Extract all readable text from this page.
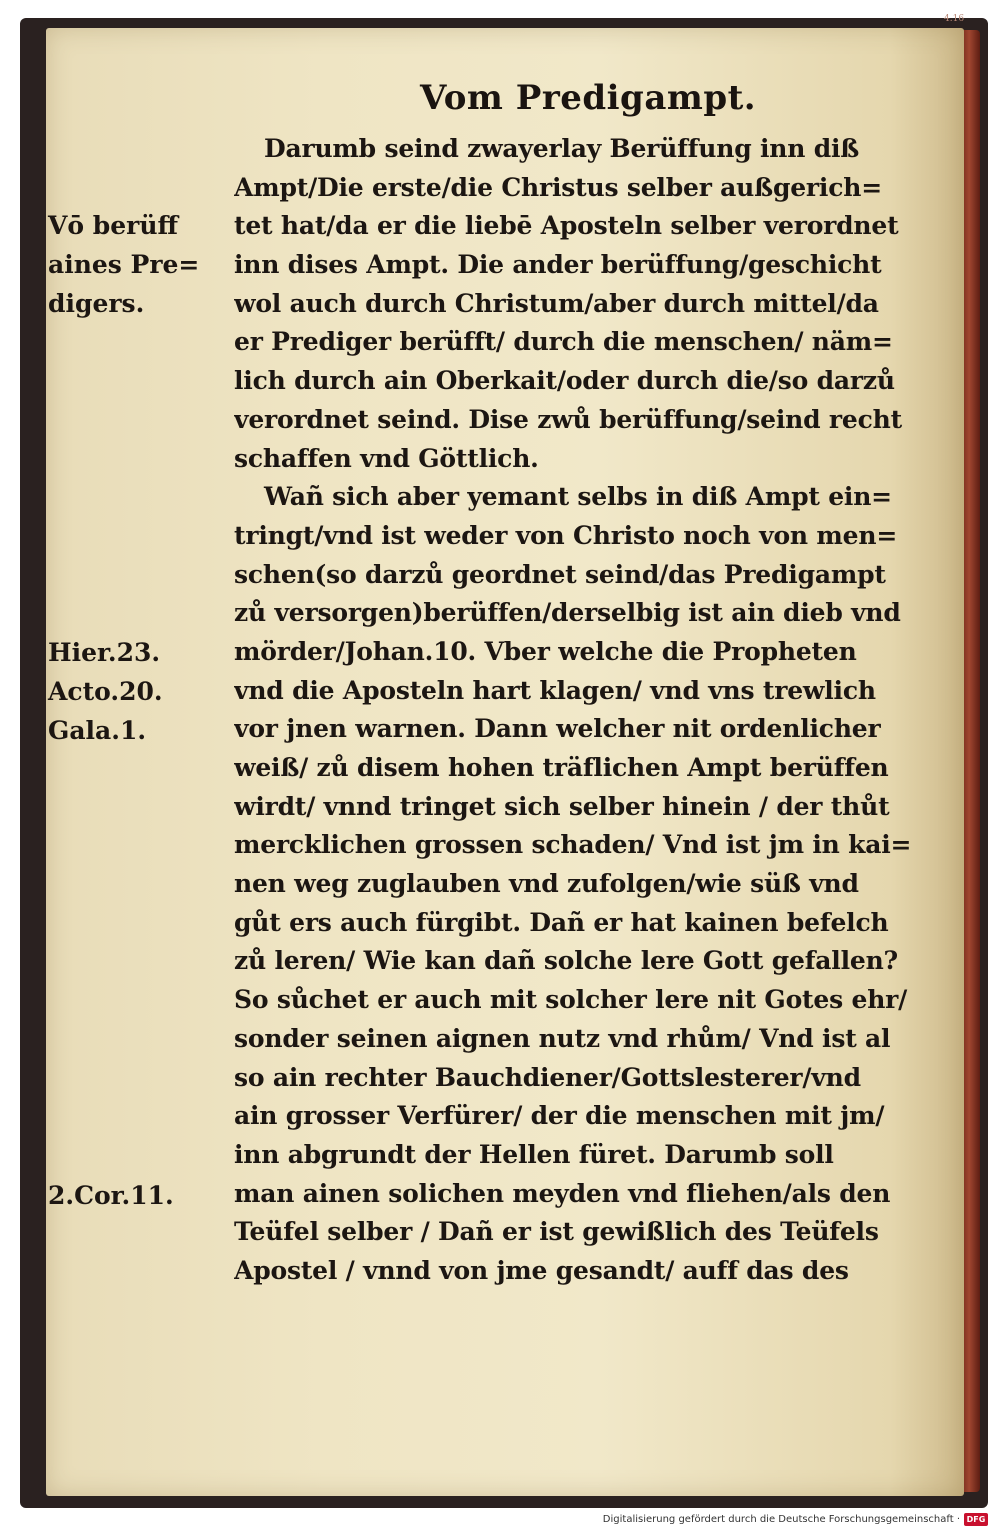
4.16
Vom Predigampt.
Darumb seind zwayerlay Berüffung inn diß
Ampt/Die erste/die Christus selber außgerich=
tet hat/da er die liebē Aposteln selber verordnet
inn dises Ampt. Die ander berüffung/geschicht
wol auch durch Christum/aber durch mittel/da
er Prediger berüfft/ durch die menschen/ näm=
lich durch ain Oberkait/oder durch die/so darzů
verordnet seind. Dise zwů berüffung/seind recht
schaffen vnd Göttlich.
Wañ sich aber yemant selbs in diß Ampt ein=
tringt/vnd ist weder von Christo noch von men=
schen(so darzů geordnet seind/das Predigampt
zů versorgen)berüffen/derselbig ist ain dieb vnd
mörder/Johan.10. Vber welche die Propheten
vnd die Aposteln hart klagen/ vnd vns trewlich
vor jnen warnen. Dann welcher nit ordenlicher
weiß/ zů disem hohen träflichen Ampt berüffen
wirdt/ vnnd tringet sich selber hinein / der thůt
mercklichen grossen schaden/ Vnd ist jm in kai=
nen weg zuglauben vnd zufolgen/wie süß vnd
gůt ers auch fürgibt. Dañ er hat kainen befelch
zů leren/ Wie kan dañ solche lere Gott gefallen?
So sůchet er auch mit solcher lere nit Gotes ehr/
sonder seinen aignen nutz vnd rhům/ Vnd ist al
so ain rechter Bauchdiener/Gottslesterer/vnd
ain grosser Verfürer/ der die menschen mit jm/
inn abgrundt der Hellen füret. Darumb soll
man ainen solichen meyden vnd fliehen/als den
Teüfel selber / Dañ er ist gewißlich des Teüfels
Apostel / vnnd von jme gesandt/ auff das des
Vō berüff
aines Pre=
digers.
Hier.23.
Acto.20.
Gala.1.
2.Cor.11.
Digitalisierung gefördert durch die Deutsche Forschungsgemeinschaft · DFG
